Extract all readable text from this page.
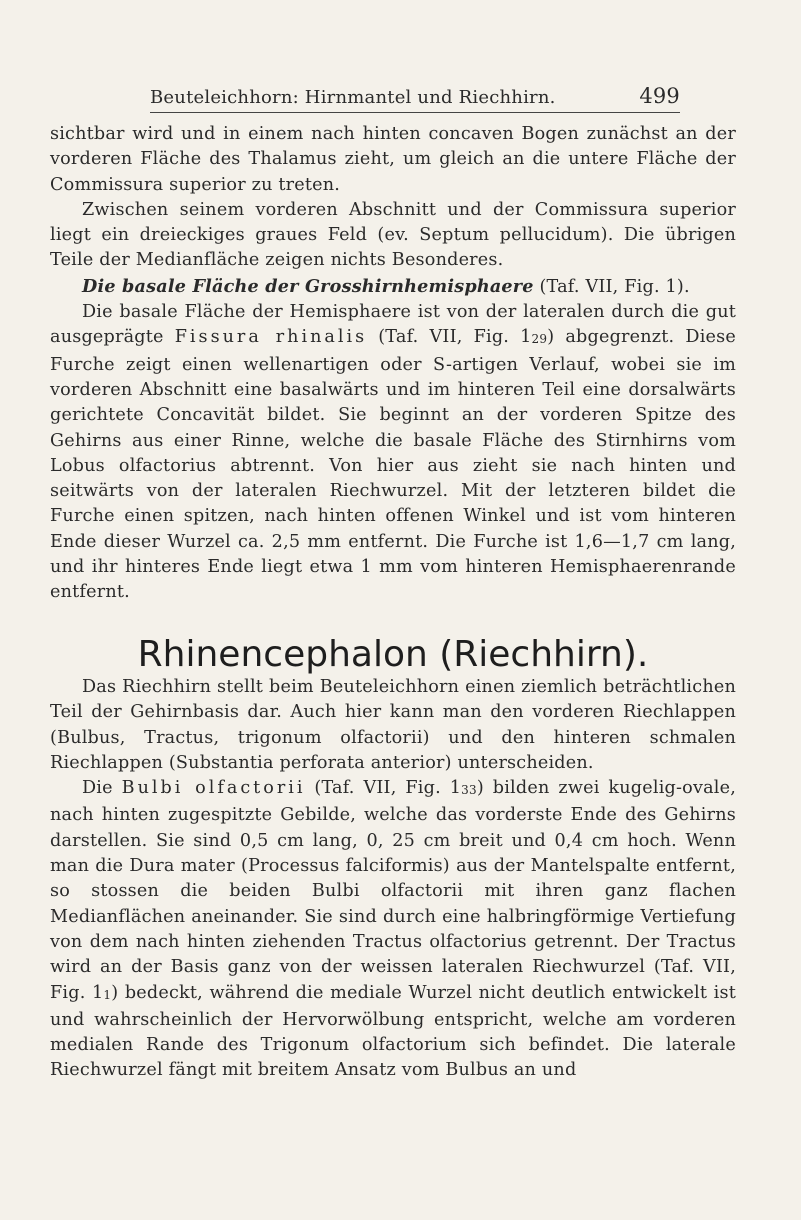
Beuteleichhorn: Hirnmantel und Riechhirn.	499

sichtbar wird und in einem nach hinten concaven Bogen zunächst an der vorderen Fläche des Thalamus zieht, um gleich an die untere Fläche der Commissura superior zu treten.

Zwischen seinem vorderen Abschnitt und der Commissura superior liegt ein dreieckiges graues Feld (ev. Septum pellucidum). Die übrigen Teile der Medianfläche zeigen nichts Besonderes.

Die basale Fläche der Grosshirnhemisphaere (Taf. VII, Fig. 1).

Die basale Fläche der Hemisphaere ist von der lateralen durch die gut ausgeprägte Fissura rhinalis (Taf. VII, Fig. 129) abgegrenzt. Diese Furche zeigt einen wellenartigen oder S-artigen Verlauf, wobei sie im vorderen Abschnitt eine basalwärts und im hinteren Teil eine dorsalwärts gerichtete Concavität bildet. Sie beginnt an der vorderen Spitze des Gehirns aus einer Rinne, welche die basale Fläche des Stirnhirns vom Lobus olfactorius abtrennt. Von hier aus zieht sie nach hinten und seitwärts von der lateralen Riechwurzel. Mit der letzteren bildet die Furche einen spitzen, nach hinten offenen Winkel und ist vom hinteren Ende dieser Wurzel ca. 2,5 mm entfernt. Die Furche ist 1,6—1,7 cm lang, und ihr hinteres Ende liegt etwa 1 mm vom hinteren Hemisphaerenrande entfernt.

Rhinencephalon (Riechhirn).

Das Riechhirn stellt beim Beuteleichhorn einen ziemlich beträchtlichen Teil der Gehirnbasis dar. Auch hier kann man den vorderen Riechlappen (Bulbus, Tractus, trigonum olfactorii) und den hinteren schmalen Riechlappen (Substantia perforata anterior) unterscheiden.

Die Bulbi olfactorii (Taf. VII, Fig. 133) bilden zwei kugelig-ovale, nach hinten zugespitzte Gebilde, welche das vorderste Ende des Gehirns darstellen. Sie sind 0,5 cm lang, 0, 25 cm breit und 0,4 cm hoch. Wenn man die Dura mater (Processus falciformis) aus der Mantelspalte entfernt, so stossen die beiden Bulbi olfactorii mit ihren ganz flachen Medianflächen aneinander. Sie sind durch eine halbringförmige Vertiefung von dem nach hinten ziehenden Tractus olfactorius getrennt. Der Tractus wird an der Basis ganz von der weissen lateralen Riechwurzel (Taf. VII, Fig. 11) bedeckt, während die mediale Wurzel nicht deutlich entwickelt ist und wahrscheinlich der Hervorwölbung entspricht, welche am vorderen medialen Rande des Trigonum olfactorium sich befindet. Die laterale Riechwurzel fängt mit breitem Ansatz vom Bulbus an und
